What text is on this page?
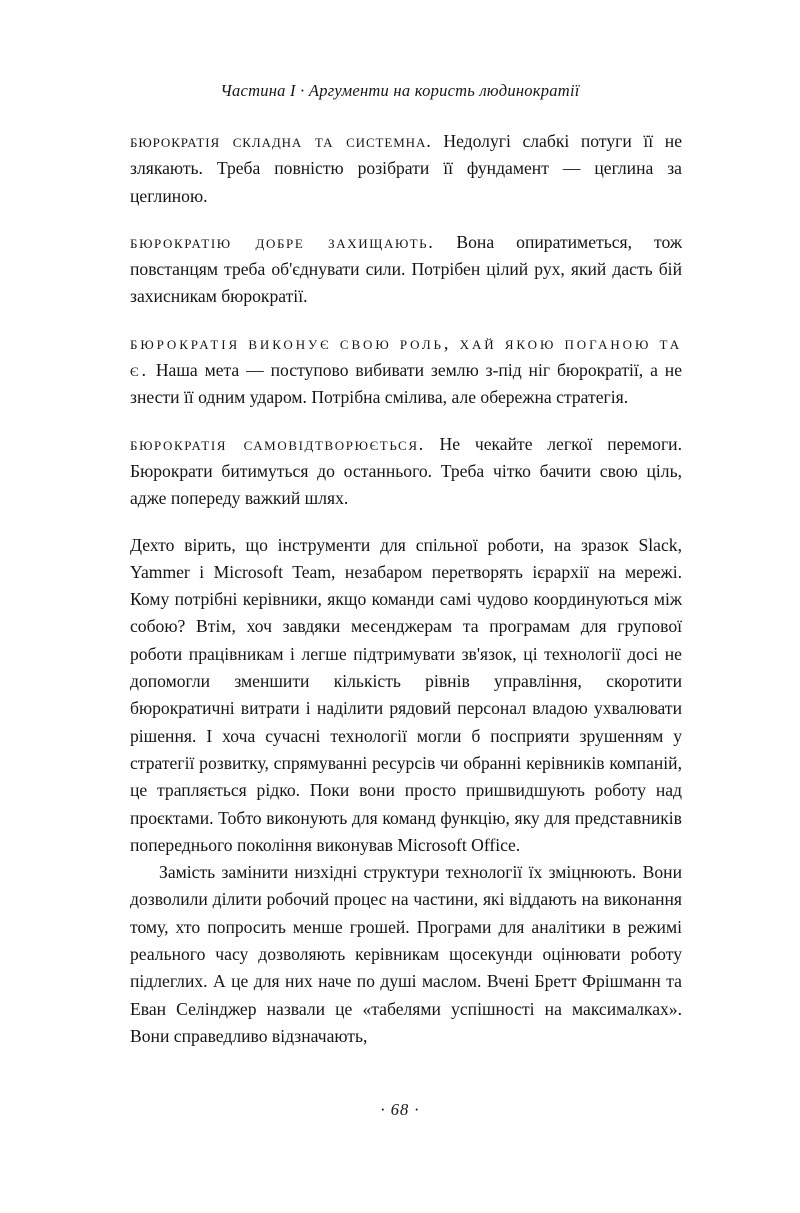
Частина I · Аргументи на користь людинократії

бюрократія складна та системна. Недолугі слабкі потуги її не злякають. Треба повністю розібрати її фундамент — цеглина за цеглиною.

бюрократію добре захищають. Вона опиратиметься, тож повстанцям треба об'єднувати сили. Потрібен цілий рух, який дасть бій захисникам бюрократії.

бюрократія виконує свою роль, хай якою поганою та є. Наша мета — поступово вибивати землю з-під ніг бюрократії, а не знести її одним ударом. Потрібна смілива, але обережна стратегія.

бюрократія самовідтворюється. Не чекайте легкої перемоги. Бюрократи битимуться до останнього. Треба чітко бачити свою ціль, адже попереду важкий шлях.

Дехто вірить, що інструменти для спільної роботи, на зразок Slack, Yammer і Microsoft Team, незабаром перетворять ієрархії на мережі. Кому потрібні керівники, якщо команди самі чудово координуються між собою? Втім, хоч завдяки месенджерам та програмам для групової роботи працівникам і легше підтримувати зв'язок, ці технології досі не допомогли зменшити кількість рівнів управління, скоротити бюрократичні витрати і наділити рядовий персонал владою ухвалювати рішення. І хоча сучасні технології могли б посприяти зрушенням у стратегії розвитку, спрямуванні ресурсів чи обранні керівників компаній, це трапляється рідко. Поки вони просто пришвидшують роботу над проєктами. Тобто виконують для команд функцію, яку для представників попереднього покоління виконував Microsoft Office.

Замість замінити низхідні структури технології їх зміцнюють. Вони дозволили ділити робочий процес на частини, які віддають на виконання тому, хто попросить менше грошей. Програми для аналітики в режимі реального часу дозволяють керівникам щосекунди оцінювати роботу підлеглих. А це для них наче по душі маслом. Вчені Бретт Фрішманн та Еван Селінджер назвали це «табелями успішності на максималках». Вони справедливо відзначають,

· 68 ·
